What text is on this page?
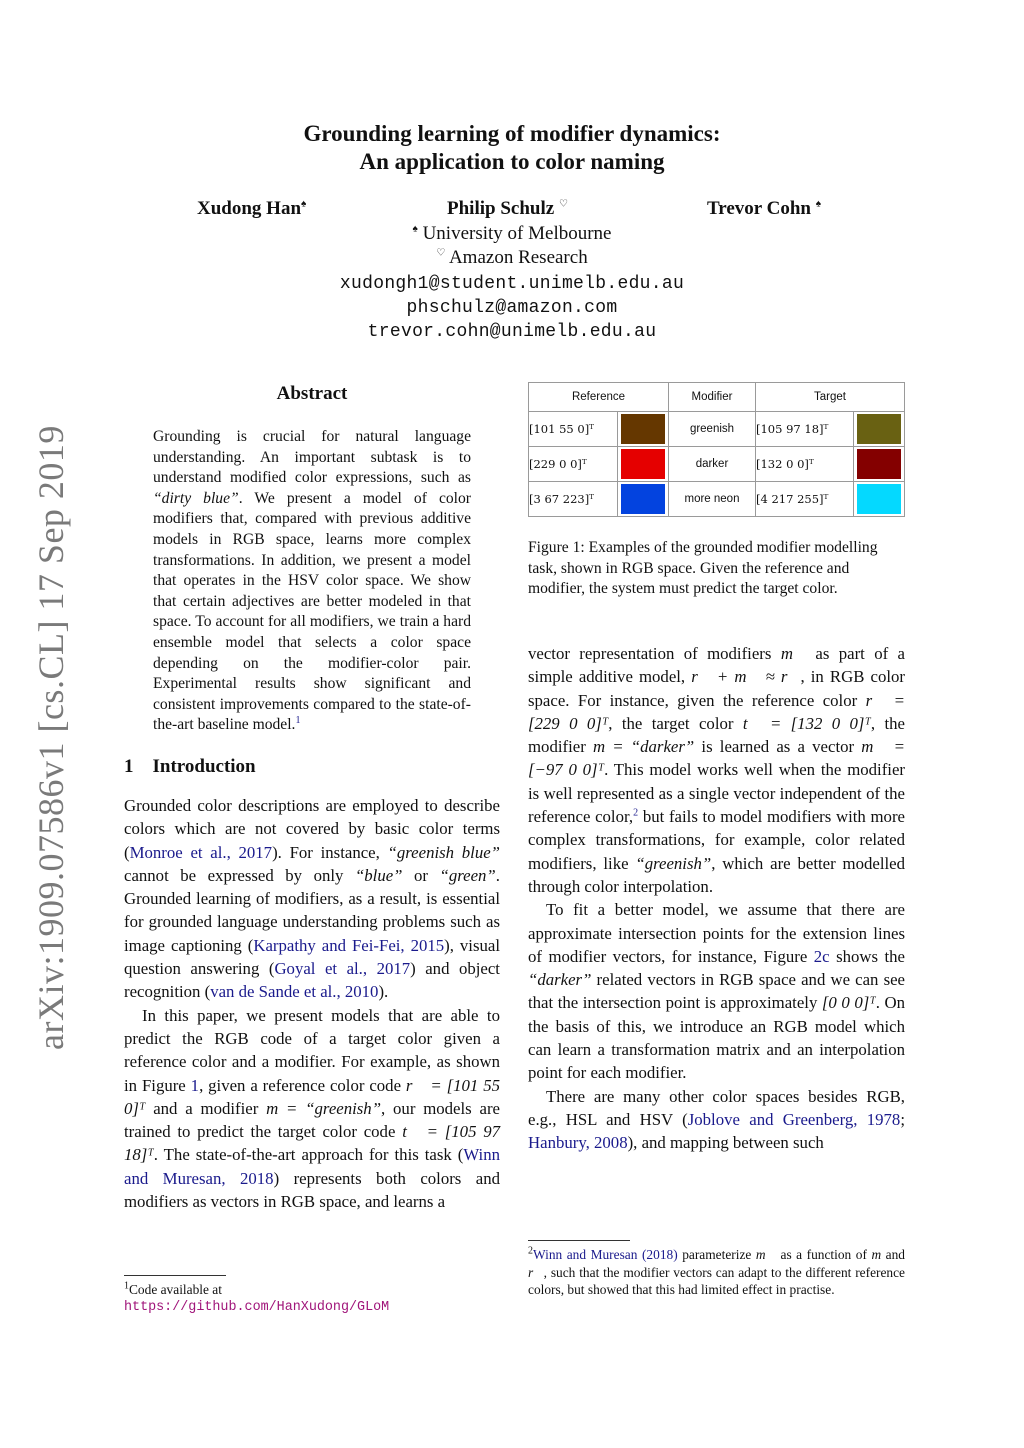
arXiv:1909.07586v1 [cs.CL] 17 Sep 2019
Grounding learning of modifier dynamics:
An application to color naming
Xudong Han♠	Philip Schulz ♡	Trevor Cohn ♠
♠ University of Melbourne
♡ Amazon Research
xudongh1@student.unimelb.edu.au
phschulz@amazon.com
trevor.cohn@unimelb.edu.au
Abstract

Grounding is crucial for natural language understanding. An important subtask is to understand modified color expressions, such as “dirty blue”. We present a model of color modifiers that, compared with previous additive models in RGB space, learns more complex transformations. In addition, we present a model that operates in the HSV color space. We show that certain adjectives are better modeled in that space. To account for all modifiers, we train a hard ensemble model that selects a color space depending on the modifier-color pair. Experimental results show significant and consistent improvements compared to the state-of-the-art baseline model.$^1$

1 Introduction

Grounded color descriptions are employed to describe colors which are not covered by basic color terms (Monroe et al., 2017). For instance, “greenish blue” cannot be expressed by only “blue” or “green”. Grounded learning of modifiers, as a result, is essential for grounded language understanding problems such as image captioning (Karpathy and Fei-Fei, 2015), visual question answering (Goyal et al., 2017) and object recognition (van de Sande et al., 2010).

In this paper, we present models that are able to predict the RGB code of a target color given a reference color and a modifier. For example, as shown in Figure 1, given a reference color code r⃗ = [101 55 0]ᵀ and a modifier m = “greenish”, our models are trained to predict the target color code t⃗ = [105 97 18]ᵀ. The state-of-the-art approach for this task (Winn and Muresan, 2018) represents both colors and modifiers as vectors in RGB space, and learns a

$^1$Code available at
https://github.com/HanXudong/GLoM
Reference		Modifier	Target	
[101 55 0]ᵀ		greenish	[105 97 18]ᵀ	

[229 0 0]ᵀ		darker	[132 0 0]ᵀ	

[3 67 223]ᵀ		more neon	[4 217 255]ᵀ	
Figure 1: Examples of the grounded modifier modelling task, shown in RGB space. Given the reference and modifier, the system must predict the target color.

vector representation of modifiers m⃗ as part of a simple additive model, r⃗ + m⃗ ≈ r⃗, in RGB color space. For instance, given the reference color r⃗ = [229 0 0]ᵀ, the target color t⃗ = [132 0 0]ᵀ, the modifier m = “darker” is learned as a vector m⃗ = [−97 0 0]ᵀ. This model works well when the modifier is well represented as a single vector independent of the reference color,$^2$ but fails to model modifiers with more complex transformations, for example, color related modifiers, like “greenish”, which are better modelled through color interpolation.

To fit a better model, we assume that there are approximate intersection points for the extension lines of modifier vectors, for instance, Figure 2c shows the “darker” related vectors in RGB space and we can see that the intersection point is approximately [0 0 0]ᵀ. On the basis of this, we introduce an RGB model which can learn a transformation matrix and an interpolation point for each modifier.

There are many other color spaces besides RGB, e.g., HSL and HSV (Joblove and Greenberg, 1978; Hanbury, 2008), and mapping between such

$^2$Winn and Muresan (2018) parameterize m⃗ as a function of m and r⃗, such that the modifier vectors can adapt to the different reference colors, but showed that this had limited effect in practise.
